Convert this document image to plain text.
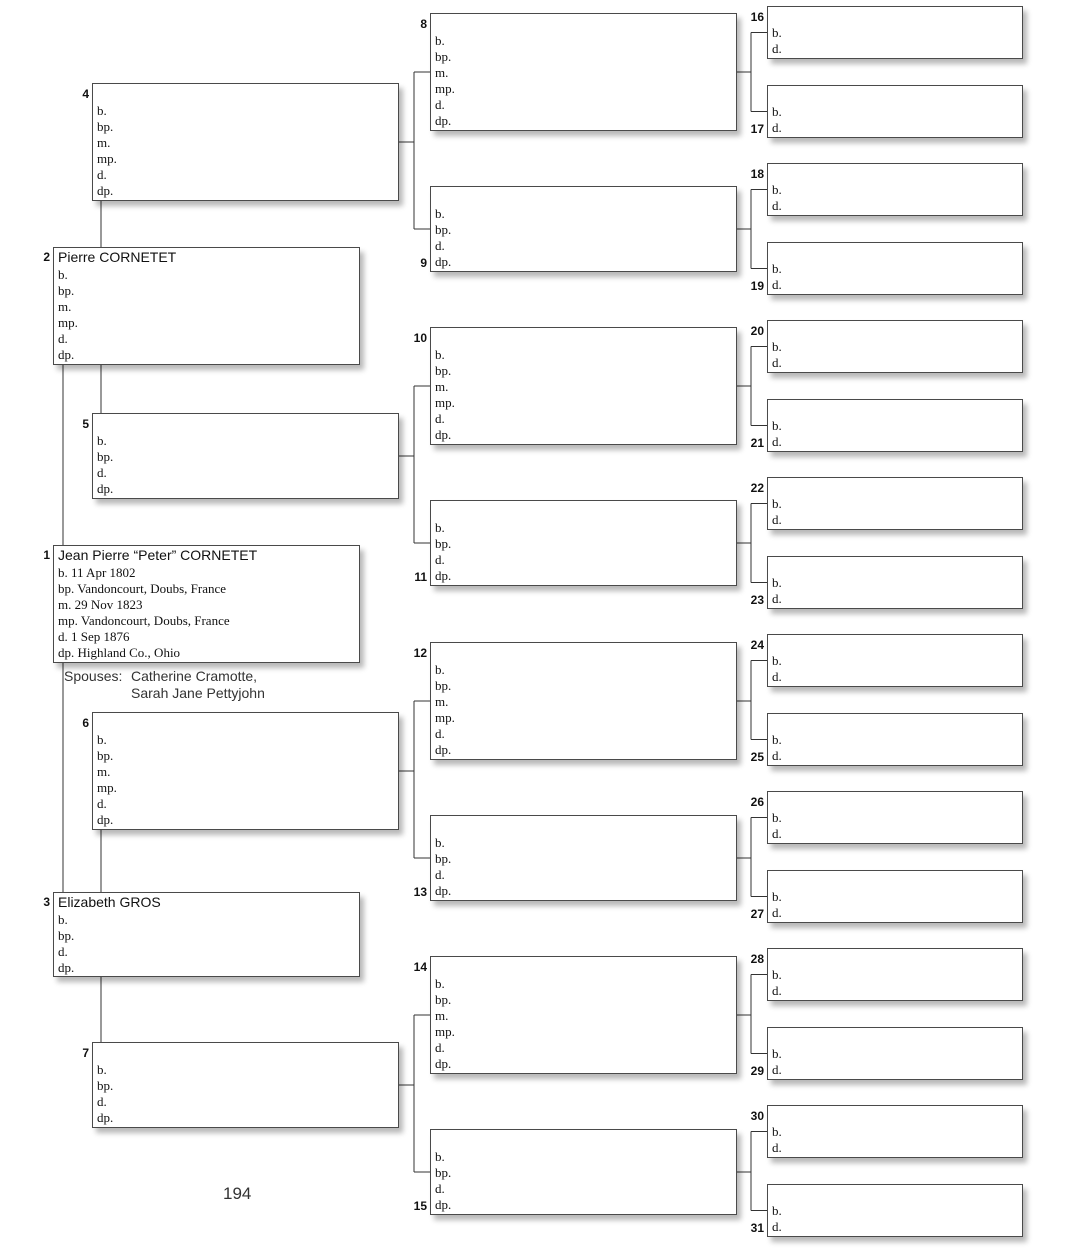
Jean Pierre “Peter” CORNETET
b. 11 Apr 1802
bp. Vandoncourt, Doubs, France
m. 29 Nov 1823
mp. Vandoncourt, Doubs, France
d. 1 Sep 1876
dp. Highland Co., Ohio
1
Pierre CORNETET
b.
bp.
m.
mp.
d.
dp.
2
Elizabeth GROS
b.
bp.
d.
dp.
3
b.
bp.
m.
mp.
d.
dp.
4
b.
bp.
d.
dp.
5
b.
bp.
m.
mp.
d.
dp.
6
b.
bp.
d.
dp.
7
b.
bp.
m.
mp.
d.
dp.
8
b.
bp.
d.
dp.
9
b.
bp.
m.
mp.
d.
dp.
10
b.
bp.
d.
dp.
11
b.
bp.
m.
mp.
d.
dp.
12
b.
bp.
d.
dp.
13
b.
bp.
m.
mp.
d.
dp.
14
b.
bp.
d.
dp.
15
b.
d.
16
b.
d.
17
b.
d.
18
b.
d.
19
b.
d.
20
b.
d.
21
b.
d.
22
b.
d.
23
b.
d.
24
b.
d.
25
b.
d.
26
b.
d.
27
b.
d.
28
b.
d.
29
b.
d.
30
b.
d.
31
Spouses: Catherine Cramotte,
Sarah Jane Pettyjohn
194
